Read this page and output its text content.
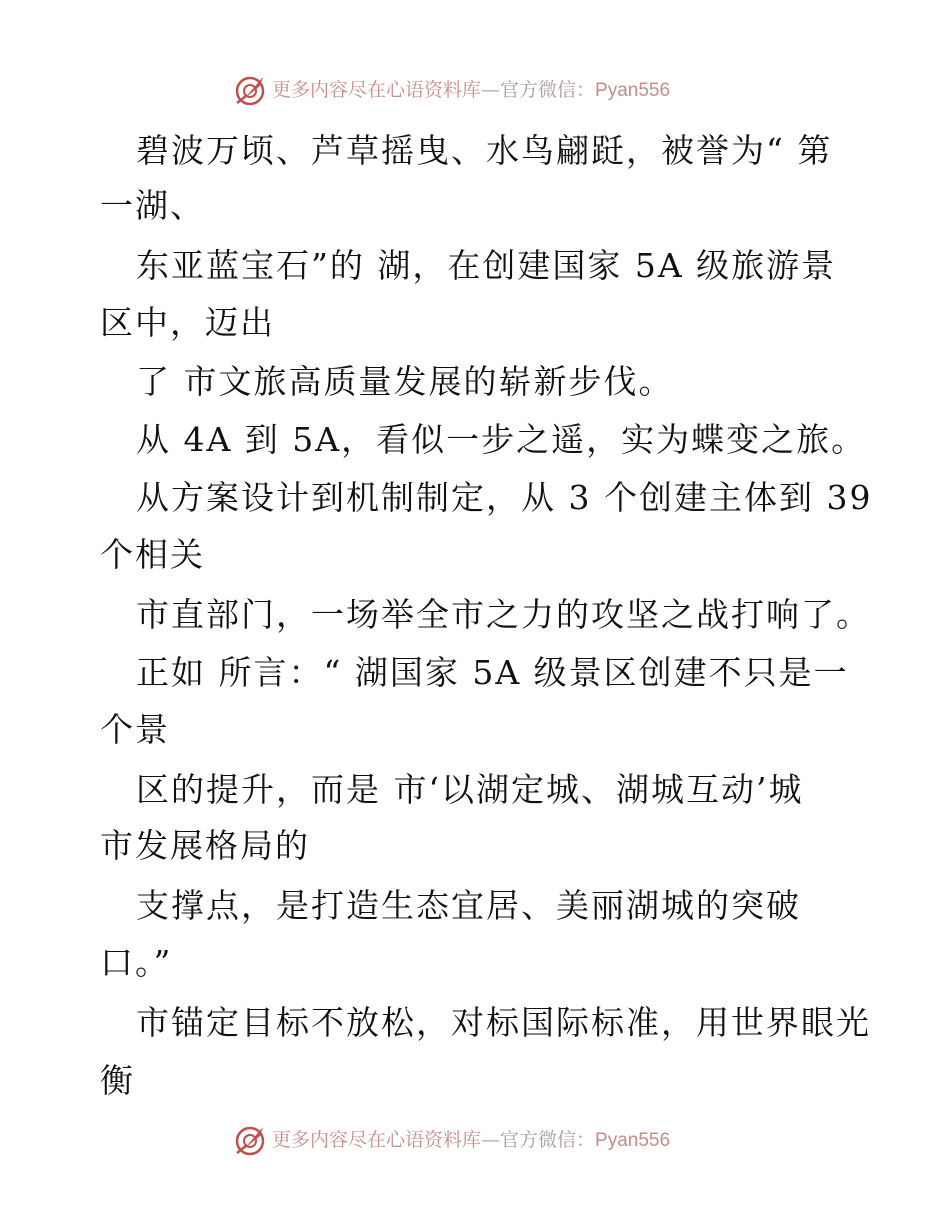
更多内容尽在心语资料库—官方微信：Pyan556
碧波万顷、芦草摇曳、水鸟翩跹，被誉为“ 第
一湖、
东亚蓝宝石”的 湖，在创建国家 5A 级旅游景
区中，迈出
了 市文旅高质量发展的崭新步伐。
从 4A 到 5A，看似一步之遥，实为蝶变之旅。
从方案设计到机制制定，从 3 个创建主体到 39
个相关
市直部门，一场举全市之力的攻坚之战打响了。
正如 所言：“ 湖国家 5A 级景区创建不只是一
个景
区的提升，而是 市‘以湖定城、湖城互动’城
市发展格局的
支撑点，是打造生态宜居、美丽湖城的突破
口。”
市锚定目标不放松，对标国际标准，用世界眼光
衡
更多内容尽在心语资料库—官方微信：Pyan556
